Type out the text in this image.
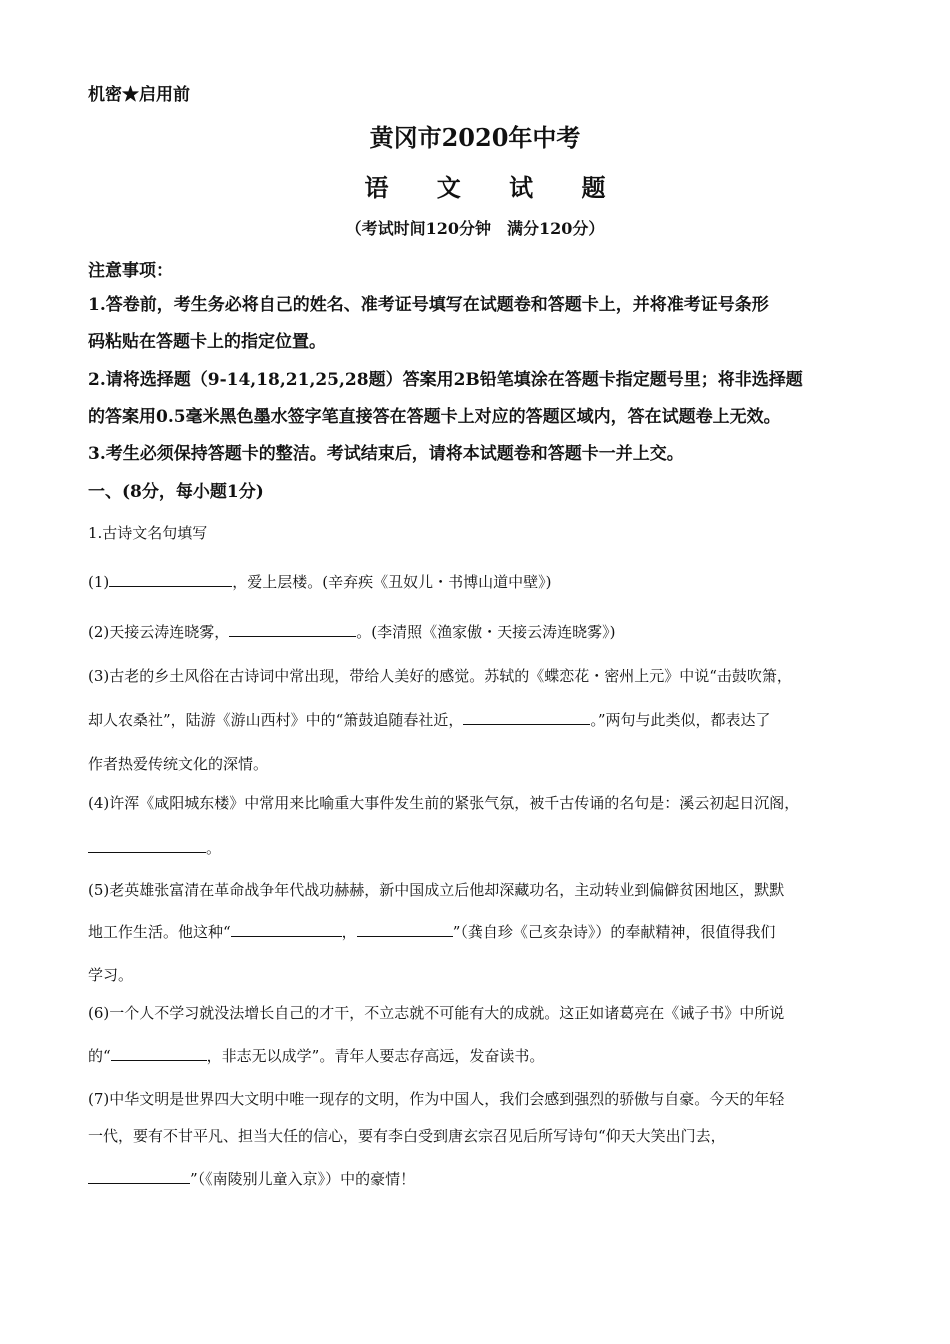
机密★启用前
黄冈市2020年中考
语 文 试 题
（考试时间120分钟　满分120分）
注意事项：
1.答卷前，考生务必将自己的姓名、准考证号填写在试题卷和答题卡上，并将准考证号条形
码粘贴在答题卡上的指定位置。
2.请将选择题（9-14,18,21,25,28题）答案用2B铅笔填涂在答题卡指定题号里；将非选择题
的答案用0.5毫米黑色墨水签字笔直接答在答题卡上对应的答题区域内，答在试题卷上无效。
3.考生必须保持答题卡的整洁。考试结束后，请将本试题卷和答题卡一并上交。
一、(8分，每小题1分)
1.古诗文名句填写
(1)	，爱上层楼。(辛弃疾《丑奴儿・书博山道中壁》)
(2)天接云涛连晓雾，	。(李清照《渔家傲・天接云涛连晓雾》)
(3)古老的乡土风俗在古诗词中常出现，带给人美好的感觉。苏轼的《蝶恋花・密州上元》中说“击鼓吹箫，
却人农桑社”，陆游《游山西村》中的“箫鼓追随春社近，	。”两句与此类似，都表达了
作者热爱传统文化的深情。
(4)许浑《咸阳城东楼》中常用来比喻重大事件发生前的紧张气氛，被千古传诵的名句是：溪云初起日沉阁，
。
(5)老英雄张富清在革命战争年代战功赫赫，新中国成立后他却深藏功名，主动转业到偏僻贫困地区，默默
地工作生活。他这种“	，	”（龚自珍《己亥杂诗》）的奉献精神，很值得我们
学习。
(6)一个人不学习就没法增长自己的才干，不立志就不可能有大的成就。这正如诸葛亮在《诫子书》中所说
的“	，非志无以成学”。青年人要志存高远，发奋读书。
(7)中华文明是世界四大文明中唯一现存的文明，作为中国人，我们会感到强烈的骄傲与自豪。今天的年轻
一代，要有不甘平凡、担当大任的信心，要有李白受到唐玄宗召见后所写诗句“仰天大笑出门去，
”（《南陵别儿童入京》）中的豪情！
